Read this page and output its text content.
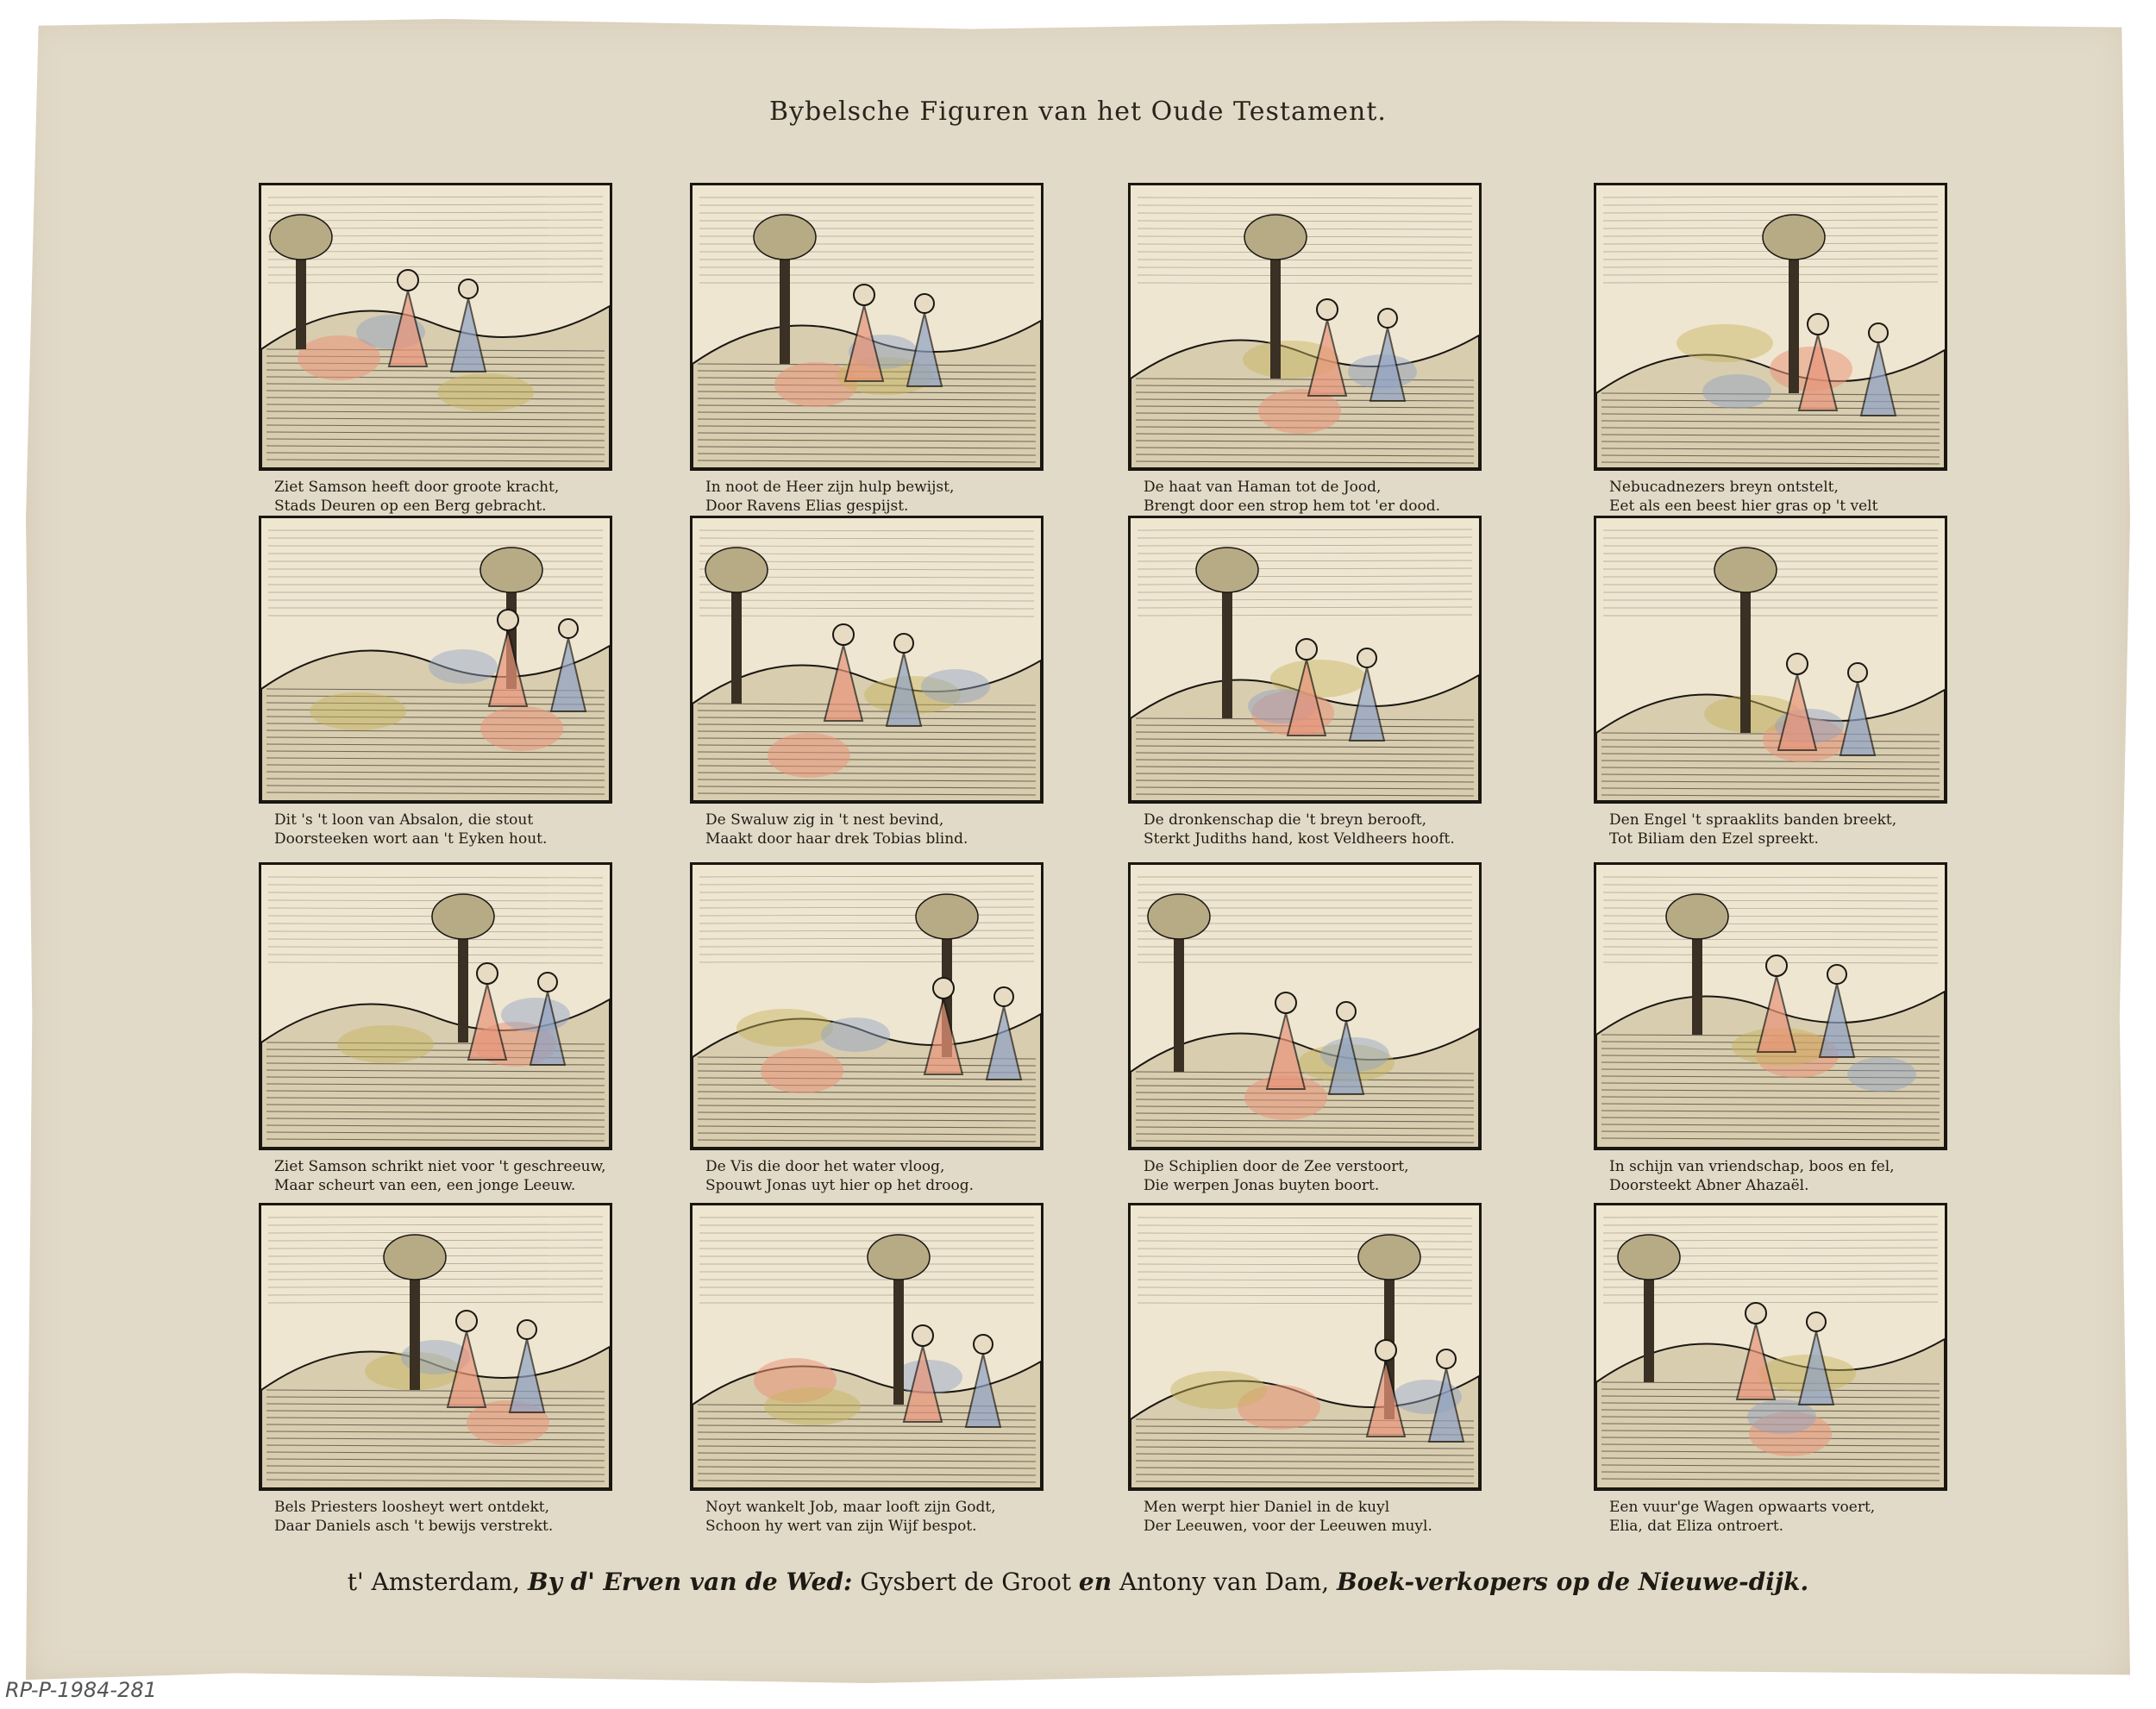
Bybelsche Figuren van het Oude Testament.
Ziet Samson heeft door groote kracht,
Stads Deuren op een Berg gebracht.
In noot de Heer zijn hulp bewijst,
Door Ravens Elias gespijst.
De haat van Haman tot de Jood,
Brengt door een strop hem tot 'er dood.
Nebucadnezers breyn ontstelt,
Eet als een beest hier gras op 't velt
Dit 's 't loon van Absalon, die stout
Doorsteeken wort aan 't Eyken hout.
De Swaluw zig in 't nest bevind,
Maakt door haar drek Tobias blind.
De dronkenschap die 't breyn berooft,
Sterkt Judiths hand, kost Veldheers hooft.
Den Engel 't spraaklits banden breekt,
Tot Biliam den Ezel spreekt.
Ziet Samson schrikt niet voor 't geschreeuw,
Maar scheurt van een, een jonge Leeuw.
De Vis die door het water vloog,
Spouwt Jonas uyt hier op het droog.
De Schiplien door de Zee verstoort,
Die werpen Jonas buyten boort.
In schijn van vriendschap, boos en fel,
Doorsteekt Abner Ahazaël.
Bels Priesters loosheyt wert ontdekt,
Daar Daniels asch 't bewijs verstrekt.
Noyt wankelt Job, maar looft zijn Godt,
Schoon hy wert van zijn Wijf bespot.
Men werpt hier Daniel in de kuyl
Der Leeuwen, voor der Leeuwen muyl.
Een vuur'ge Wagen opwaarts voert,
Elia, dat Eliza ontroert.
t' Amsterdam, By d' Erven van de Wed: Gysbert de Groot en Antony van Dam, Boek-verkopers op de Nieuwe-dijk.
RP-P-1984-281
